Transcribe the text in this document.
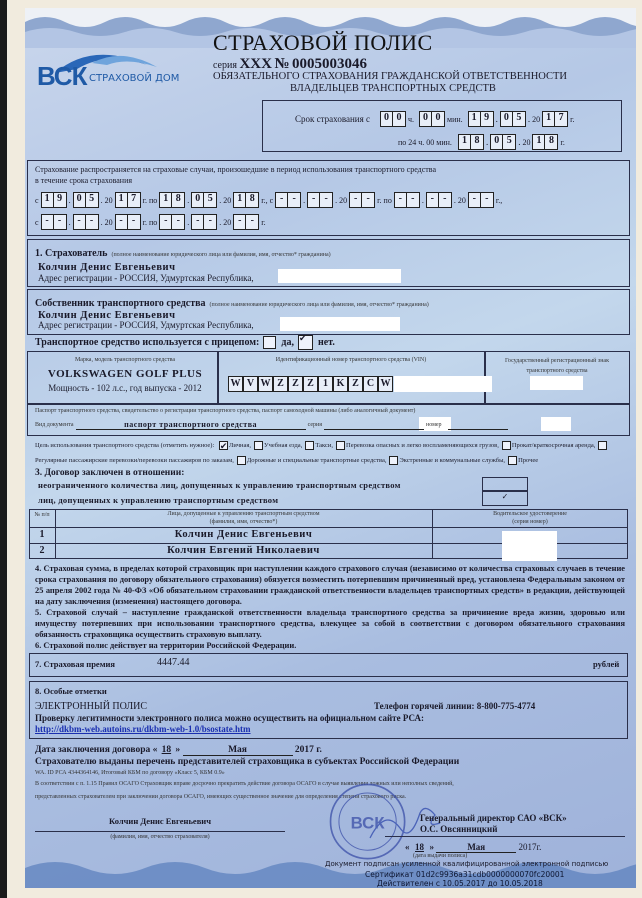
ВСК СТРАХОВОЙ ДОМ
СТРАХОВОЙ ПОЛИС
серия XXX № 0005003046
ОБЯЗАТЕЛЬНОГО СТРАХОВАНИЯ ГРАЖДАНСКОЙ ОТВЕТСТВЕННОСТИ
ВЛАДЕЛЬЦЕВ ТРАНСПОРТНЫХ СРЕДСТВ
Срок страхования с	0 0 ч. 0 0 мин. 1 9 . 0 5 . 20 1 7 г.
по 24 ч. 00 мин.	1 8 . 0 5 . 20 1 8 г.
Страхование распространяется на страховые случаи, произошедшие в период использования транспортного средства
в течение срока страхования
с 1 9 . 0 5 . 20 1 7 г. по 1 8 . 0 5 . 20 1 8 г., с - - . - - . 20 - - г. по - - . - - . 20 - - г.,
с - - . - - . 20 - - г. по - - . - - . 20 - - г.
1. Страхователь (полное наименование юридического лица или фамилия, имя, отчество* гражданина)
Колчин Денис Евгеньевич
Адрес регистрации - РОССИЯ, Удмуртская Республика,
Собственник транспортного средства (полное наименование юридического лица или фамилия, имя, отчество* гражданина)
Колчин Денис Евгеньевич
Адрес регистрации - РОССИЯ, Удмуртская Республика,
Транспортное средство используется с прицепом: да, ✔ нет.
Марка, модель транспортного средства
VOLKSWAGEN GOLF PLUS
Мощность - 102 л.с., год выпуска - 2012
Идентификационный номер транспортного средства (VIN)
W V W Z Z Z 1 K Z C W
Государственный регистрационный знак транспортного средства
Паспорт транспортного средства, свидетельство о регистрации транспортного средства, паспорт самоходной машины (либо аналогичный документ)
Вид документа	паспорт транспортного средства	серия	номер
Цель использования транспортного средства (отметить нужное): ✔ Личная, Учебная езда, Такси, Перевозка опасных и легко воспламеняющихся грузов, Прокат/краткосрочная аренда,Регулярные пассажирские перевозки/перевозки пассажиров по заказам, Дорожные и специальные транспортные средства, Экстренные и коммунальные службы, Прочее
3. Договор заключен в отношении:
неограниченного количества лиц, допущенных к управлению транспортным средством
лиц, допущенных к управлению транспортным средством	✓
№ п/п	Лица, допущенные к управлению транспортным средством
(фамилия, имя, отчество*)
Водительское удостоверение
(серия номер)
1	Колчин Денис Евгеньевич
2	Колчин Евгений Николаевич
4. Страховая сумма, в пределах которой страховщик при наступлении каждого страхового случая (независимо от количества страховых случаев в течение срока страхования по договору обязательного страхования) обязуется возместить потерпевшим причиненный вред, установлена Федеральным законом от 25 апреля 2002 года № 40-ФЗ «Об обязательном страховании гражданской ответственности владельцев транспортных средств» в редакции, действующей на дату заключения (изменения) настоящего договора.
5. Страховой случай – наступление гражданской ответственности владельца транспортного средства за причинение вреда жизни, здоровью или имуществу потерпевших при использовании транспортного средства, влекущее за собой в соответствии с договором обязательного страхования обязанность страховщика осуществить страховую выплату.
6. Страховой полис действует на территории Российской Федерации.
7. Страховая премия	4447.44	рублей
8. Особые отметки
ЭЛЕКТРОННЫЙ ПОЛИС	Телефон горячей линии: 8-800-775-4774
Проверку легитимности электронного полиса можно осуществить на официальном сайте РСА:
http://dkbm-web.autoins.ru/dkbm-web-1.0/bsostate.htm
Дата заключения договора « 18 »	Мая	2017 г.
Страхователю выданы перечень представителей страховщика в субъектах Российской Федерации
WA. ID РСА 4344364146, Итоговый КБМ по договору «Класс 5, КБМ 0.9»
В соответствии с п. 1.15 Правил ОСАГО Страховщик вправе досрочно прекратить действие договора ОСАГО в случае выявления ложных или неполных сведений,
представленных страхователем при заключении договора ОСАГО, имеющих существенное значение для определения степени страхового риска.
Колчин Денис Евгеньевич
(фамилия, имя, отчество страхователя)
ВСК	Генеральный директор САО «ВСК»
О.С. Овсянницкий
« 18 »	Мая	2017г.
(дата выдачи полиса)
Документ подписан усиленной квалифицированной электронной подписью
Сертификат 01d2c9936a31cdb0000000070fc20001
Действителен с 10.05.2017 до 10.05.2018
